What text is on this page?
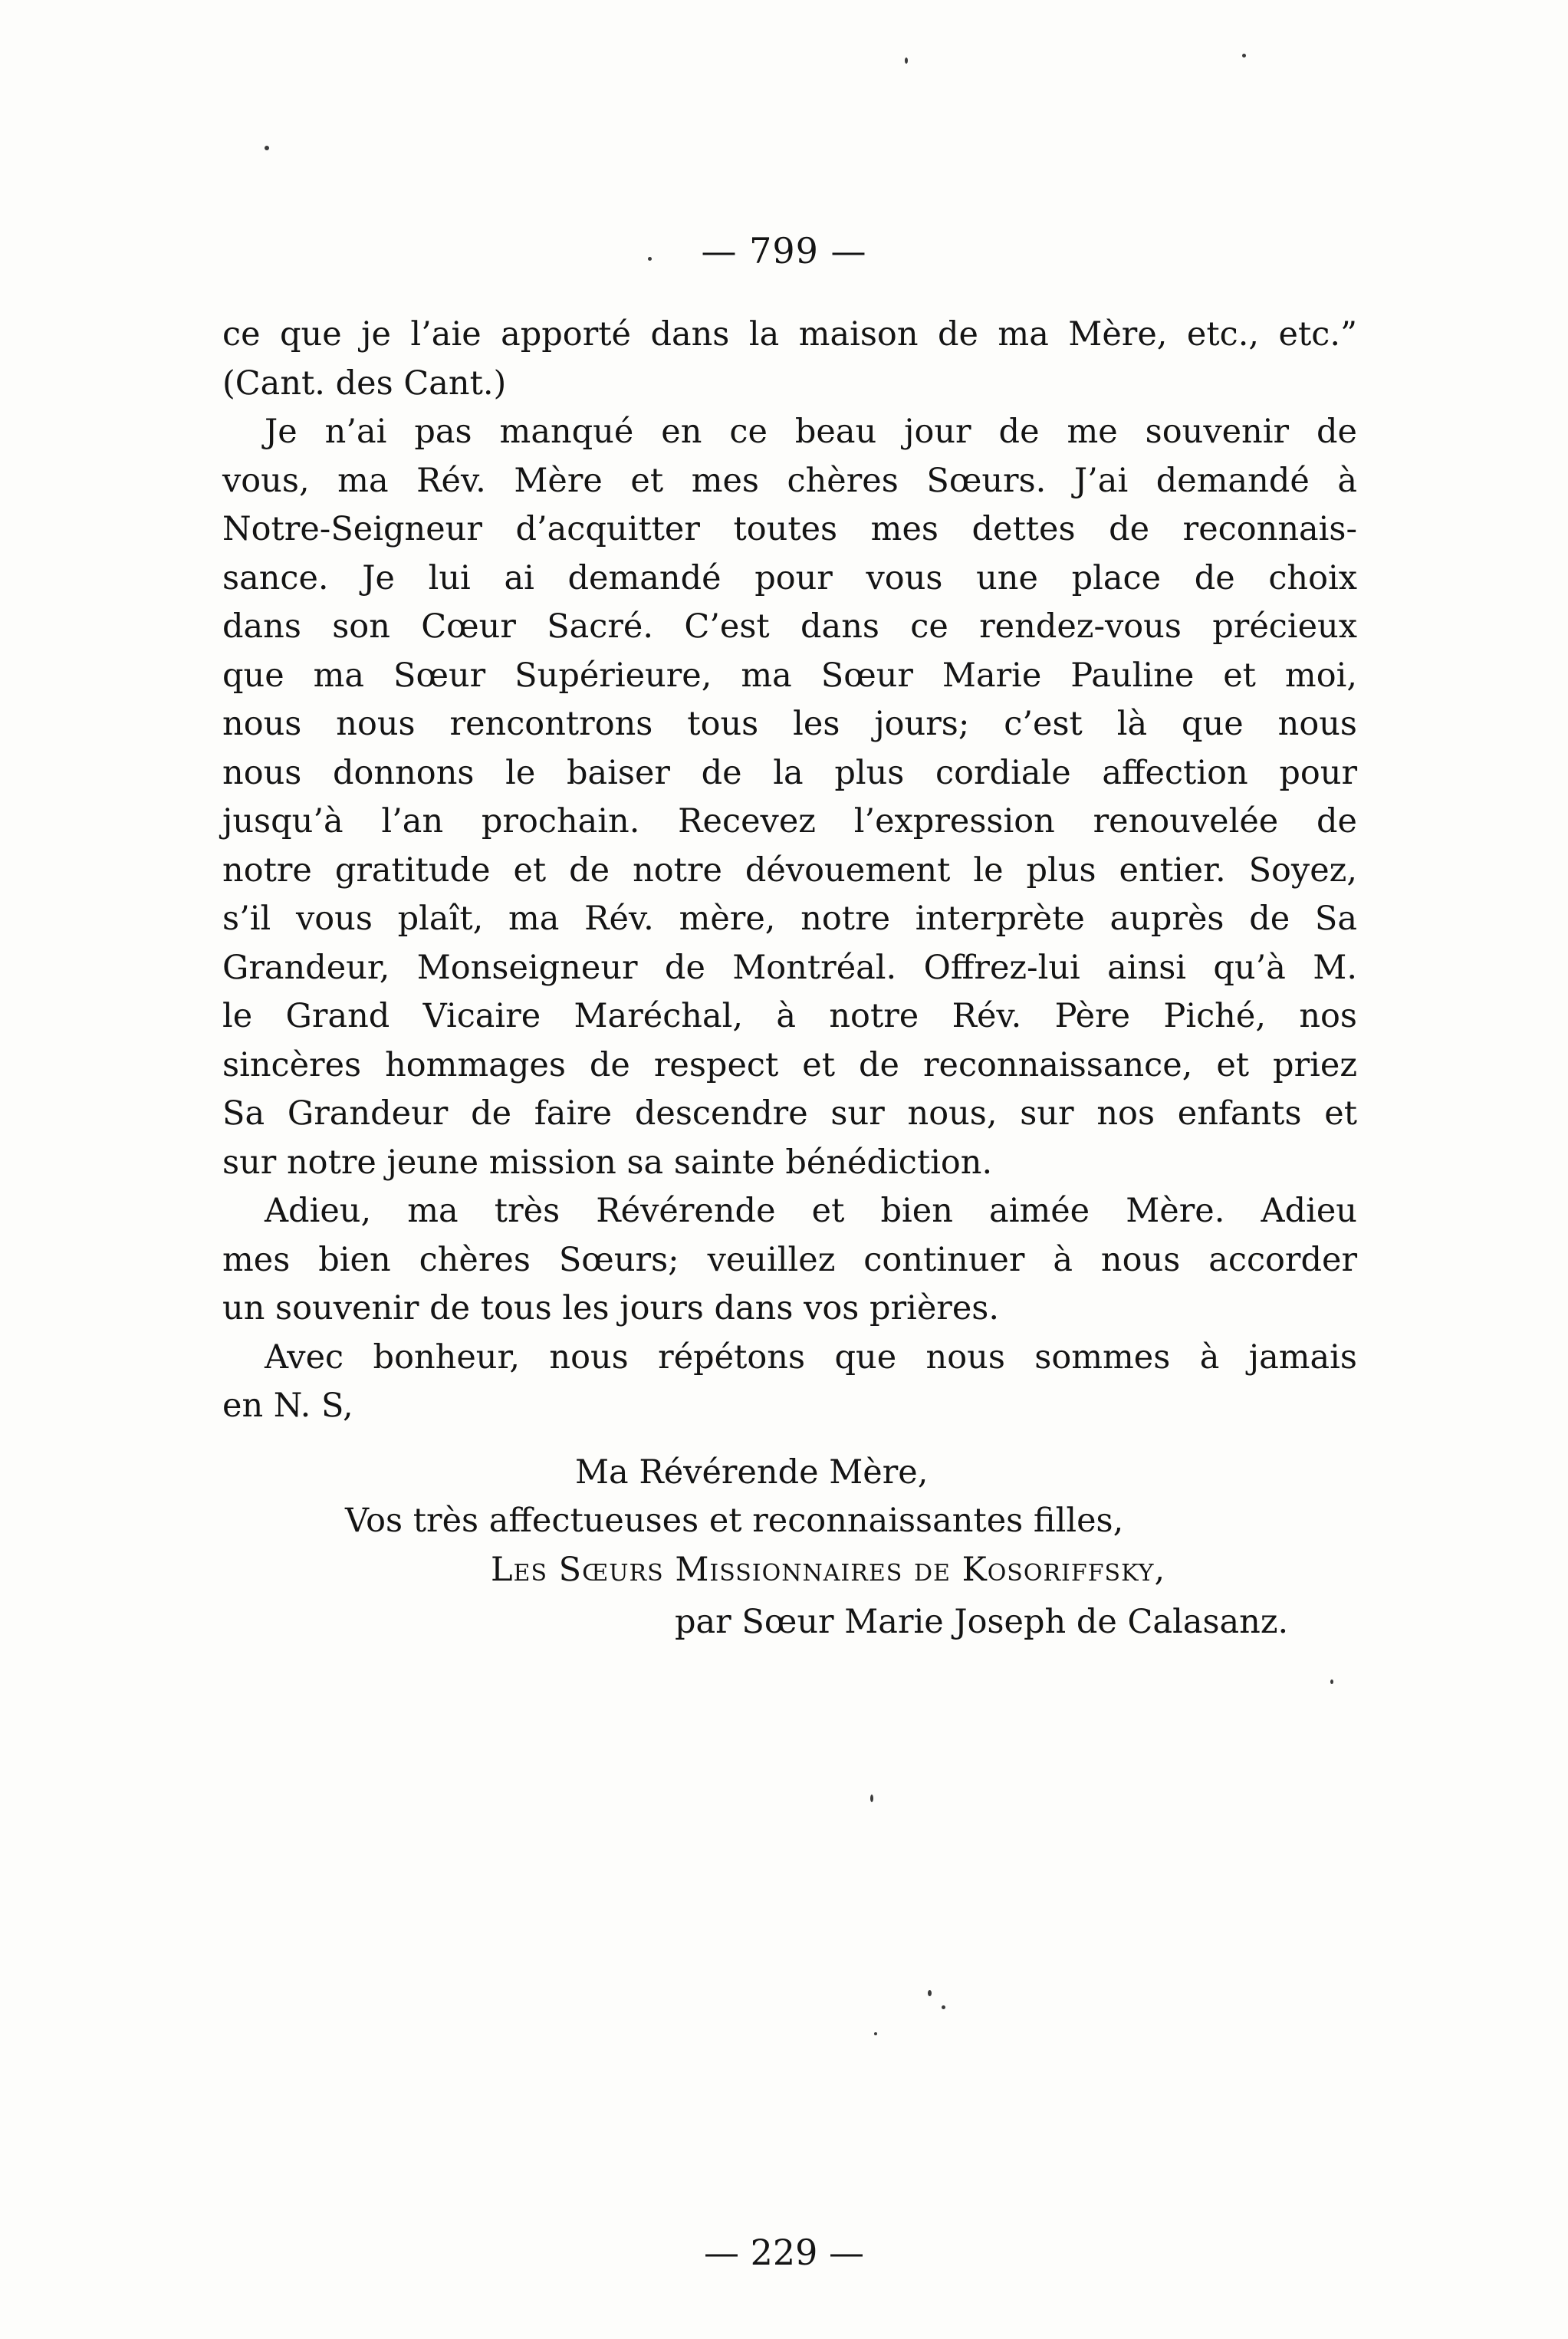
— 799 —
ce que je l’aie apporté dans la maison de ma Mère, etc., etc.”
(Cant. des Cant.)
Je n’ai pas manqué en ce beau jour de me souvenir de
vous, ma Rév. Mère et mes chères Sœurs. J’ai demandé à
Notre-Seigneur d’acquitter toutes mes dettes de reconnais-
sance. Je lui ai demandé pour vous une place de choix
dans son Cœur Sacré. C’est dans ce rendez-vous précieux
que ma Sœur Supérieure, ma Sœur Marie Pauline et moi,
nous nous rencontrons tous les jours; c’est là que nous
nous donnons le baiser de la plus cordiale affection pour
jusqu’à l’an prochain. Recevez l’expression renouvelée de
notre gratitude et de notre dévouement le plus entier. Soyez,
s’il vous plaît, ma Rév. mère, notre interprète auprès de Sa
Grandeur, Monseigneur de Montréal. Offrez-lui ainsi qu’à M.
le Grand Vicaire Maréchal, à notre Rév. Père Piché, nos
sincères hommages de respect et de reconnaissance, et priez
Sa Grandeur de faire descendre sur nous, sur nos enfants et
sur notre jeune mission sa sainte bénédiction.
Adieu, ma très Révérende et bien aimée Mère. Adieu
mes bien chères Sœurs; veuillez continuer à nous accorder
un souvenir de tous les jours dans vos prières.
Avec bonheur, nous répétons que nous sommes à jamais
en N. S,
Ma Révérende Mère,
Vos très affectueuses et reconnaissantes filles,
Les Sœurs Missionnaires de Kosoriffsky,
par Sœur Marie Joseph de Calasanz.
— 229 —
